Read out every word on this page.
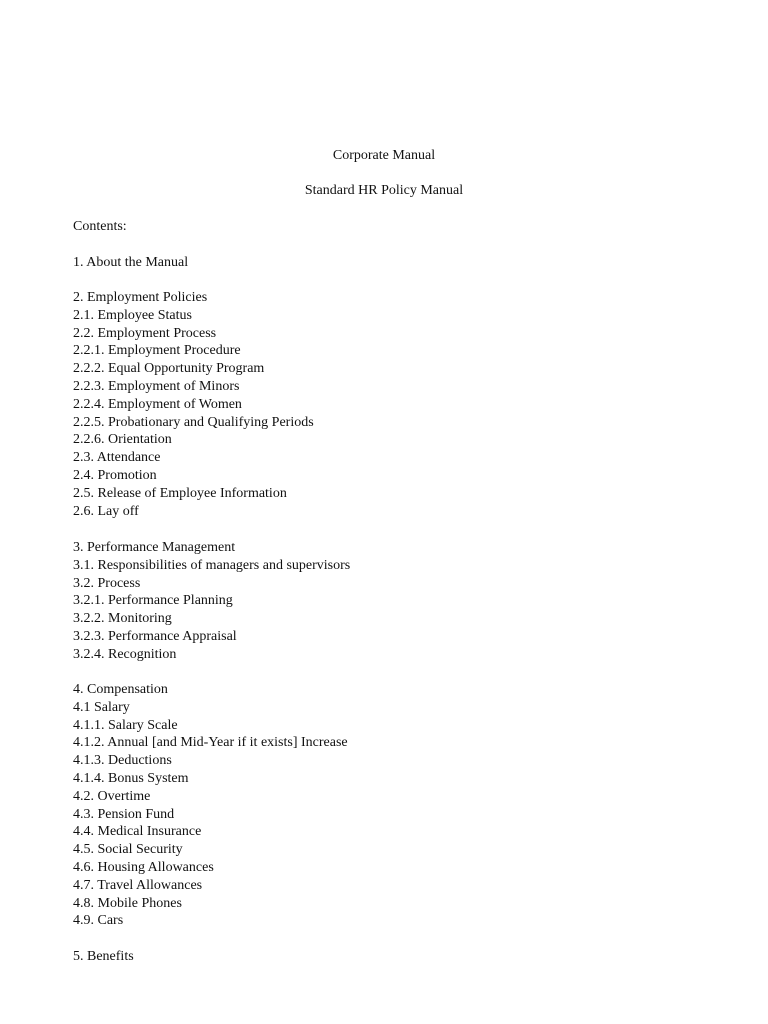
Corporate Manual
Standard HR Policy Manual
Contents:
1. About the Manual
2. Employment Policies
2.1. Employee Status
2.2. Employment Process
2.2.1. Employment Procedure
2.2.2. Equal Opportunity Program
2.2.3. Employment of Minors
2.2.4. Employment of Women
2.2.5. Probationary and Qualifying Periods
2.2.6. Orientation
2.3. Attendance
2.4. Promotion
2.5. Release of Employee Information
2.6. Lay off
3. Performance Management
3.1. Responsibilities of managers and supervisors
3.2. Process
3.2.1. Performance Planning
3.2.2. Monitoring
3.2.3. Performance Appraisal
3.2.4. Recognition
4. Compensation
4.1 Salary
4.1.1. Salary Scale
4.1.2. Annual [and Mid-Year if it exists] Increase
4.1.3. Deductions
4.1.4. Bonus System
4.2. Overtime
4.3. Pension Fund
4.4. Medical Insurance
4.5. Social Security
4.6. Housing Allowances
4.7. Travel Allowances
4.8. Mobile Phones
4.9. Cars
5. Benefits
